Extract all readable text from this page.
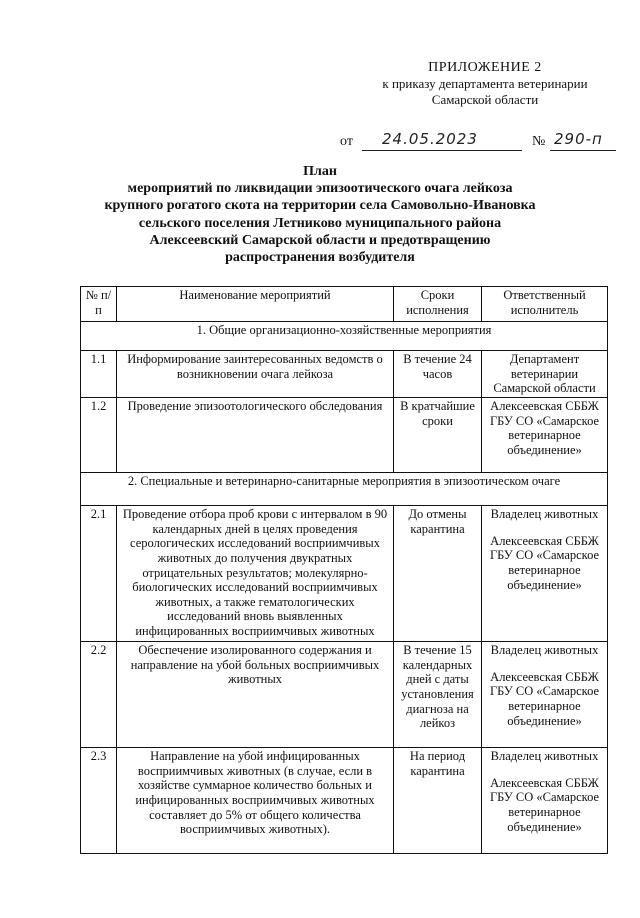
ПРИЛОЖЕНИЕ 2
к приказу департамента ветеринарии
Самарской области
от 24.05.2023	№ 290-п
План
мероприятий по ликвидации эпизоотического очага лейкоза
крупного рогатого скота на территории села Самовольно-Ивановка
сельского поселения Летниково муниципального района
Алексеевский Самарской области и предотвращению
распространения возбудителя
№ п/п	Наименование мероприятий	Сроки исполнения	Ответственный исполнитель
1. Общие организационно-хозяйственные мероприятия			
1.1	Информирование заинтересованных ведомств о возникновении очага лейкоза	В течение 24 часов	Департамент ветеринарии Самарской области
1.2	Проведение эпизоотологического обследования	В кратчайшие сроки	Алексеевская СББЖ ГБУ СО «Самарское ветеринарное объединение»
2. Специальные и ветеринарно-санитарные мероприятия в эпизоотическом очаге			
2.1	Проведение отбора проб крови с интервалом в 90 календарных дней в целях проведения серологических исследований восприимчивых животных до получения двукратных отрицательных результатов; молекулярно-биологических исследований восприимчивых животных, а также гематологических исследований вновь выявленных инфицированных восприимчивых животных	До отмены карантина	Владелец животных
Алексеевская СББЖ ГБУ СО «Самарское ветеринарное объединение»

2.2	Обеспечение изолированного содержания и направление на убой больных восприимчивых животных	В течение 15 календарных дней с даты установления диагноза на лейкоз	Владелец животных
Алексеевская СББЖ ГБУ СО «Самарское ветеринарное объединение»

2.3	Направление на убой инфицированных восприимчивых животных (в случае, если в хозяйстве суммарное количество больных и инфицированных восприимчивых животных составляет до 5% от общего количества восприимчивых животных).	На период карантина	Владелец животных
Алексеевская СББЖ ГБУ СО «Самарское ветеринарное объединение»
